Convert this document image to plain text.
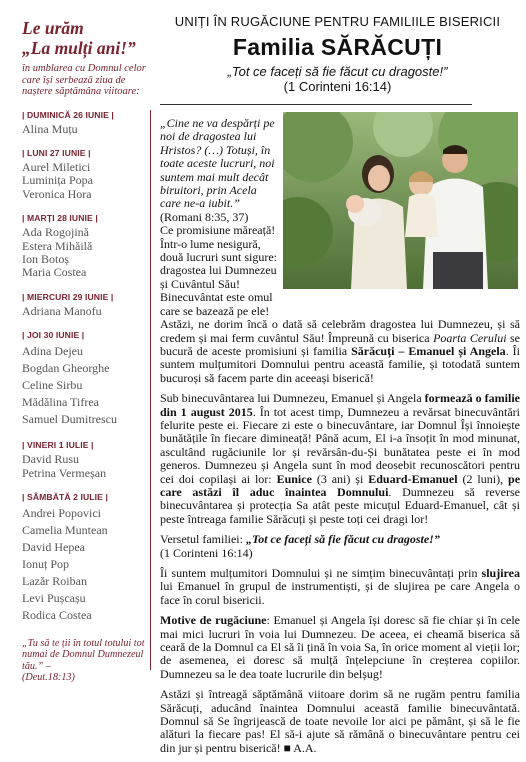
Le urăm
„La mulți ani!”
în umblarea cu Domnul celor care își serbează ziua de naștere săptămâna viitoare:
| DUMINICĂ 26 IUNIE |
Alina Muțu
| LUNI 27 IUNIE |
Aurel Miletici
Luminița Popa
Veronica Hora
| MARȚI 28 IUNIE |
Ada Rogojină
Estera Mihăilă
Ion Botoș
Maria Costea
| MIERCURI 29 IUNIE |
Adriana Manofu
| JOI 30 IUNIE |
Adina Dejeu
Bogdan Gheorghe
Celine Sirbu
Mădălina Tifrea
Samuel Dumitrescu
| VINERI 1 IULIE |
David Rusu
Petrina Vermeșan
| SÂMBĂTĂ 2 IULIE |
Andrei Popovici
Camelia Muntean
David Hepea
Ionuț Pop
Lazăr Roiban
Levi Pușcașu
Rodica Costea
„Tu să te ții în totul totului tot numai de Domnul Dumnezeul tău.” –
(Deut.18:13)
UNIȚI ÎN RUGĂCIUNE PENTRU FAMILIILE BISERICII
Familia SĂRĂCUȚI
„Tot ce faceți să fie făcut cu dragoste!”
(1 Corinteni 16:14)
„Cine ne va despărți pe noi de dragostea lui Hristos? (…) Totuși, în toate aceste lucruri, noi suntem mai mult decât biruitori, prin Acela care ne-a iubit.”
(Romani 8:35, 37)
Ce promisiune măreață! Într-o lume nesigură, două lucruri sunt sigure: dragostea lui Dumnezeu și Cuvântul Său! Binecuvântat este omul care se bazează pe ele!

Astăzi, ne dorim încă o dată să celebrăm dragostea lui Dumnezeu, și să credem și mai ferm cuvântul Său! Împreună cu biserica Poarta Cerului se bucură de aceste promisiuni și familia Sărăcuți – Emanuel și Angela. Îi suntem mulțumitori Domnului pentru această familie, și totodată suntem bucuroși să facem parte din aceeași biserică!

Sub binecuvântarea lui Dumnezeu, Emanuel și Angela formează o familie din 1 august 2015. În tot acest timp, Dumnezeu a revărsat binecuvântări felurite peste ei. Fiecare zi este o binecuvântare, iar Domnul Își înnoiește bunătățile în fiecare dimineață! Până acum, El i-a însoțit în mod minunat, ascultând rugăciunile lor și revărsân-du-Și bunătatea peste ei în mod generos. Dumnezeu și Angela sunt în mod deosebit recunoscători pentru cei doi copilași ai lor: Eunice (3 ani) și Eduard-Emanuel (2 luni), pe care astăzi îl aduc înaintea Domnului. Dumnezeu să reverse binecuvântarea și protecția Sa atât peste micuțul Eduard-Emanuel, cât și peste întreaga familie Sărăcuți și peste toți cei dragi lor!

Versetul familiei: „Tot ce faceți să fie făcut cu dragoste!”
(1 Corinteni 16:14)

Îi suntem mulțumitori Domnului și ne simțim binecuvântați prin slujirea lui Emanuel în grupul de instrumentiști, și de slujirea pe care Angela o face în corul bisericii.

Motive de rugăciune: Emanuel și Angela își doresc să fie chiar și în cele mai mici lucruri în voia lui Dumnezeu. De aceea, ei cheamă biserica să ceară de la Domnul ca El să îi țină în voia Sa, în orice moment al vieții lor; de asemenea, ei doresc să mulță înțelepciune în creșterea copiilor. Dumnezeu sa le dea toate lucrurile din belșug!

Astăzi și întreagă săptămână viitoare dorim să ne rugăm pentru familia Sărăcuți, aducând înaintea Domnului această familie binecuvântată. Domnul să Se îngrijească de toate nevoile lor aici pe pământ, și să le fie alături la fiecare pas! El să-i ajute să rămână o binecuvântare pentru cei din jur și pentru biserică! ■ A.A.
